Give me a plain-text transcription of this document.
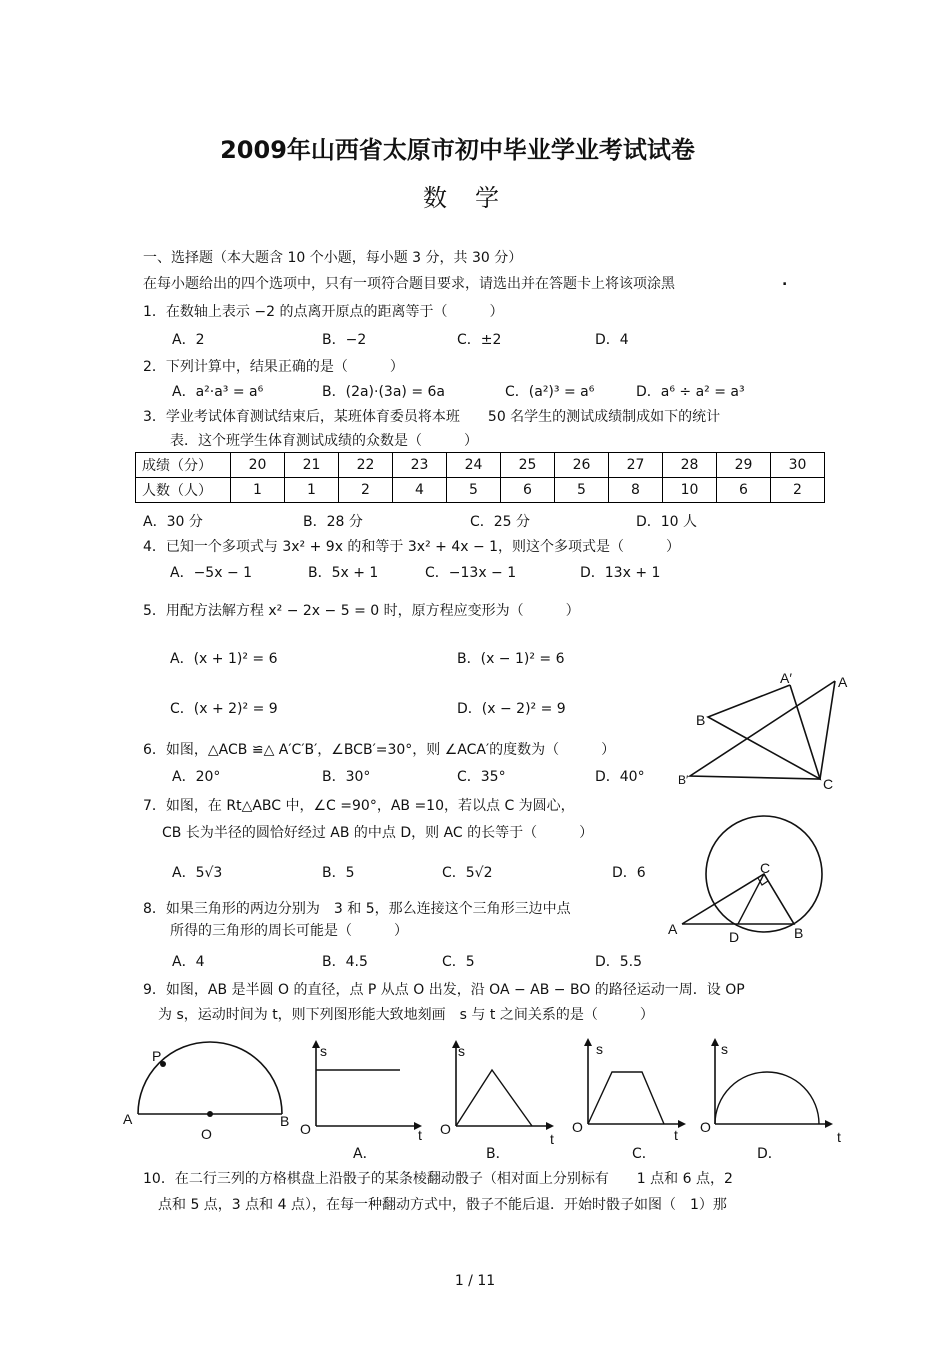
2009年山西省太原市初中毕业学业考试试卷
数学
一、选择题（本大题含 10 个小题，每小题 3 分，共 30 分）
在每小题给出的四个选项中，只有一项符合题目要求，请选出并在答题卡上将该项涂黑	.
1．在数轴上表示 −2 的点离开原点的距离等于（　　　）
A．2	B．−2	C．±2	D．4
2．下列计算中，结果正确的是（　　　）
A．a²·a³ = a⁶	B．(2a)·(3a) = 6a	C．(a²)³ = a⁶	D．a⁶ ÷ a² = a³
3．学业考试体育测试结束后，某班体育委员将本班　　50 名学生的测试成绩制成如下的统计
表．这个班学生体育测试成绩的众数是（　　　）
成绩（分）	20	21	22	23	24	25	26	27	28	29	30
人数（人）	1	1	2	4	5	6	5	8	10	6	2
A．30 分	B．28 分	C．25 分	D．10 人
4．已知一个多项式与 3x² + 9x 的和等于 3x² + 4x − 1，则这个多项式是（　　　）
A．−5x − 1	B．5x + 1	C．−13x − 1	D．13x + 1
5．用配方法解方程 x² − 2x − 5 = 0 时，原方程应变形为（　　　）
A．(x + 1)² = 6	B．(x − 1)² = 6
C．(x + 2)² = 9	D．(x − 2)² = 9
6．如图，△ACB ≌△ A′C′B′，∠BCB′=30°，则 ∠ACA′的度数为（　　　）
A．20°	B．30°	C．35°	D．40°
A′	A
B
B′	C
7．如图，在 Rt△ABC 中，∠C =90°，AB =10，若以点 C 为圆心，
CB 长为半径的圆恰好经过 AB 的中点 D，则 AC 的长等于（　　　）
A．5√3	B．5	C．5√2	D．6	C
A	D	B
8．如果三角形的两边分别为　3 和 5，那么连接这个三角形三边中点
所得的三角形的周长可能是（　　　）
A．4	B．4.5	C．5	D．5.5
9．如图，AB 是半圆 O 的直径，点 P 从点 O 出发，沿 OA − AB − BO 的路径运动一周．设 OP
为 s，运动时间为 t，则下列图形能大致地刻画　s 与 t 之间关系的是（　　　）
P
A
O
B
s
O	t
A．
s
O
t
B．
s
O	t
C．
s
O
t
D．
10．在二行三列的方格棋盘上沿骰子的某条棱翻动骰子（相对面上分别标有　　1 点和 6 点，2
点和 5 点，3 点和 4 点），在每一种翻动方式中，骰子不能后退．开始时骰子如图（　1）那
1 / 11
